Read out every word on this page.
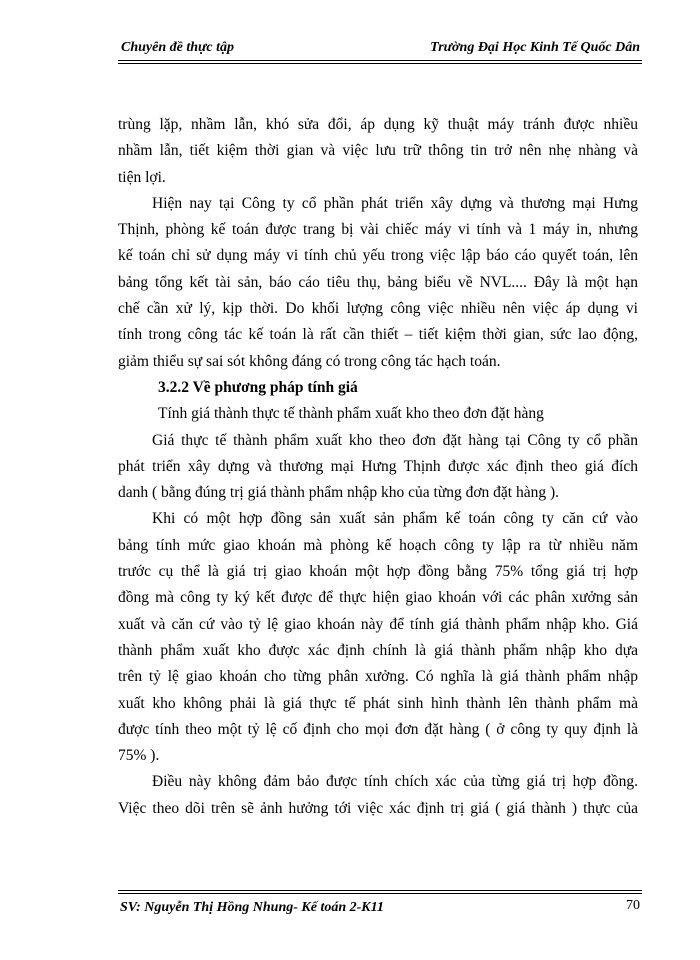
Chuyên đề thực tập	Trường Đại Học Kinh Tế Quốc Dân
trùng lặp, nhầm lẫn, khó sửa đổi, áp dụng kỹ thuật máy tránh được nhiều
nhầm lẫn, tiết kiệm thời gian và việc lưu trữ thông tin trở nên nhẹ nhàng và
tiện lợi.
Hiện nay tại Công ty cổ phần phát triển xây dựng và thương mại Hưng
Thịnh, phòng kế toán được trang bị vài chiếc máy vi tính và 1 máy in, nhưng
kế toán chỉ sử dụng máy vi tính chủ yếu trong việc lập báo cáo quyết toán, lên
bảng tổng kết tài sản, báo cáo tiêu thụ, bảng biểu về NVL.... Đây là một hạn
chế cần xử lý, kịp thời. Do khối lượng công việc nhiều nên việc áp dụng vi
tính trong công tác kế toán là rất cần thiết – tiết kiệm thời gian, sức lao động,
giảm thiểu sự sai sót không đáng có trong công tác hạch toán.
3.2.2 Về phương pháp tính giá
Tính giá thành thực tế thành phẩm xuất kho theo đơn đặt hàng
Giá thực tế thành phẩm xuất kho theo đơn đặt hàng tại Công ty cổ phần
phát triển xây dựng và thương mại Hưng Thịnh được xác định theo giá đích
danh ( bằng đúng trị giá thành phẩm nhập kho của từng đơn đặt hàng ).
Khi có một hợp đồng sản xuất sản phẩm kế toán công ty căn cứ vào
bảng tính mức giao khoán mà phòng kế hoạch công ty lập ra từ nhiều năm
trước cụ thể là giá trị giao khoán một hợp đồng bằng 75% tổng giá trị hợp
đồng mà công ty ký kết được để thực hiện giao khoán với các phân xưởng sản
xuất và căn cứ vào tỷ lệ giao khoán này để tính giá thành phẩm nhập kho. Giá
thành phẩm xuất kho được xác định chính là giá thành phẩm nhập kho dựa
trên tỷ lệ giao khoán cho từng phân xưởng. Có nghĩa là giá thành phẩm nhập
xuất kho không phải là giá thực tế phát sinh hình thành lên thành phẩm mà
được tính theo một tỷ lệ cố định cho mọi đơn đặt hàng ( ở công ty quy định là
75% ).
Điều này không đảm bảo được tính chích xác của từng giá trị hợp đồng.
Việc theo dõi trên sẽ ảnh hưởng tới việc xác định trị giá ( giá thành ) thực của
SV: Nguyễn Thị Hồng Nhung- Kế toán 2-K11	70
